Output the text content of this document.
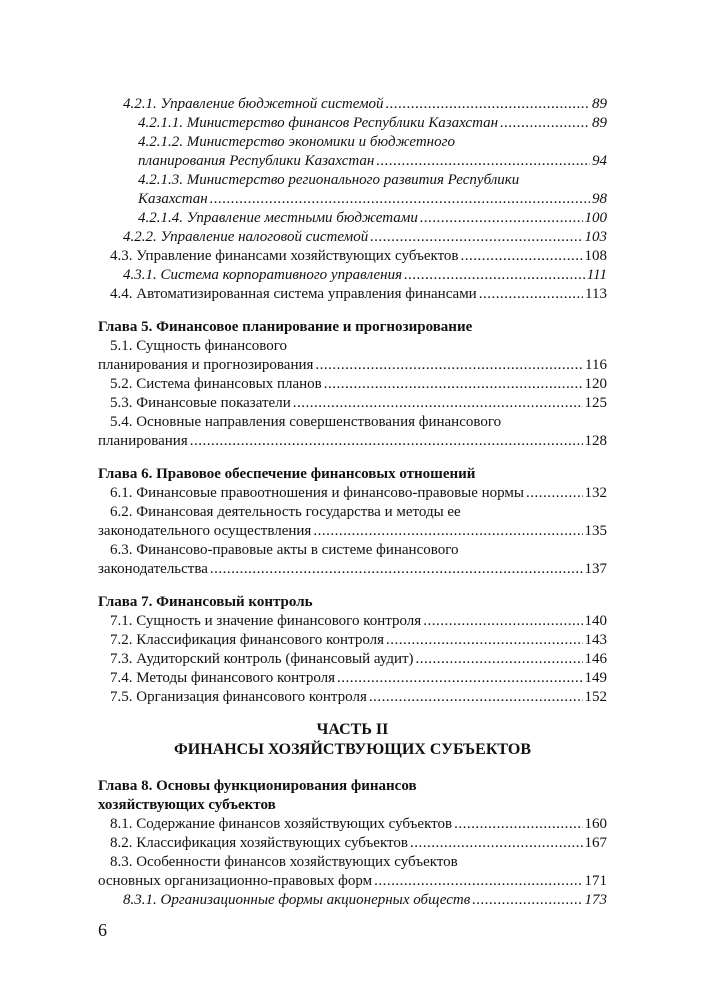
4.2.1. Управление бюджетной системой .....	89
4.2.1.1. Министерство финансов Республики Казахстан .....	89
4.2.1.2. Министерство экономики и бюджетного
планирования Республики Казахстан .....	94
4.2.1.3. Министерство регионального развития Республики
Казахстан .....	98
4.2.1.4. Управление местными бюджетами .....	100
4.2.2. Управление налоговой системой .....	103
4.3. Управление финансами хозяйствующих субъектов .....	108
4.3.1. Система корпоративного управления .....	111
4.4. Автоматизированная система управления финансами .....	113
Глава 5. Финансовое планирование и прогнозирование
5.1. Сущность финансового
планирования и прогнозирования .....	116
5.2. Система финансовых планов .....	120
5.3. Финансовые показатели .....	125
5.4. Основные направления совершенствования финансового
планирования .....	128
Глава 6. Правовое обеспечение финансовых отношений
6.1. Финансовые правоотношения и финансово-правовые нормы .....	132
6.2. Финансовая деятельность государства и методы ее
законодательного осуществления .....	135
6.3. Финансово-правовые акты в системе финансового
законодательства .....	137
Глава 7. Финансовый контроль
7.1. Сущность и значение финансового контроля .....	140
7.2. Классификация финансового контроля .....	143
7.3. Аудиторский контроль (финансовый аудит) .....	146
7.4. Методы финансового контроля .....	149
7.5. Организация финансового контроля .....	152
ЧАСТЬ II
ФИНАНСЫ ХОЗЯЙСТВУЮЩИХ СУБЪЕКТОВ
Глава 8. Основы функционирования финансов
хозяйствующих субъектов
8.1. Содержание финансов хозяйствующих субъектов .....	160
8.2. Классификация хозяйствующих субъектов .....	167
8.3. Особенности финансов хозяйствующих субъектов
основных организационно-правовых форм .....	171
8.3.1. Организационные формы акционерных обществ .....	173
6
